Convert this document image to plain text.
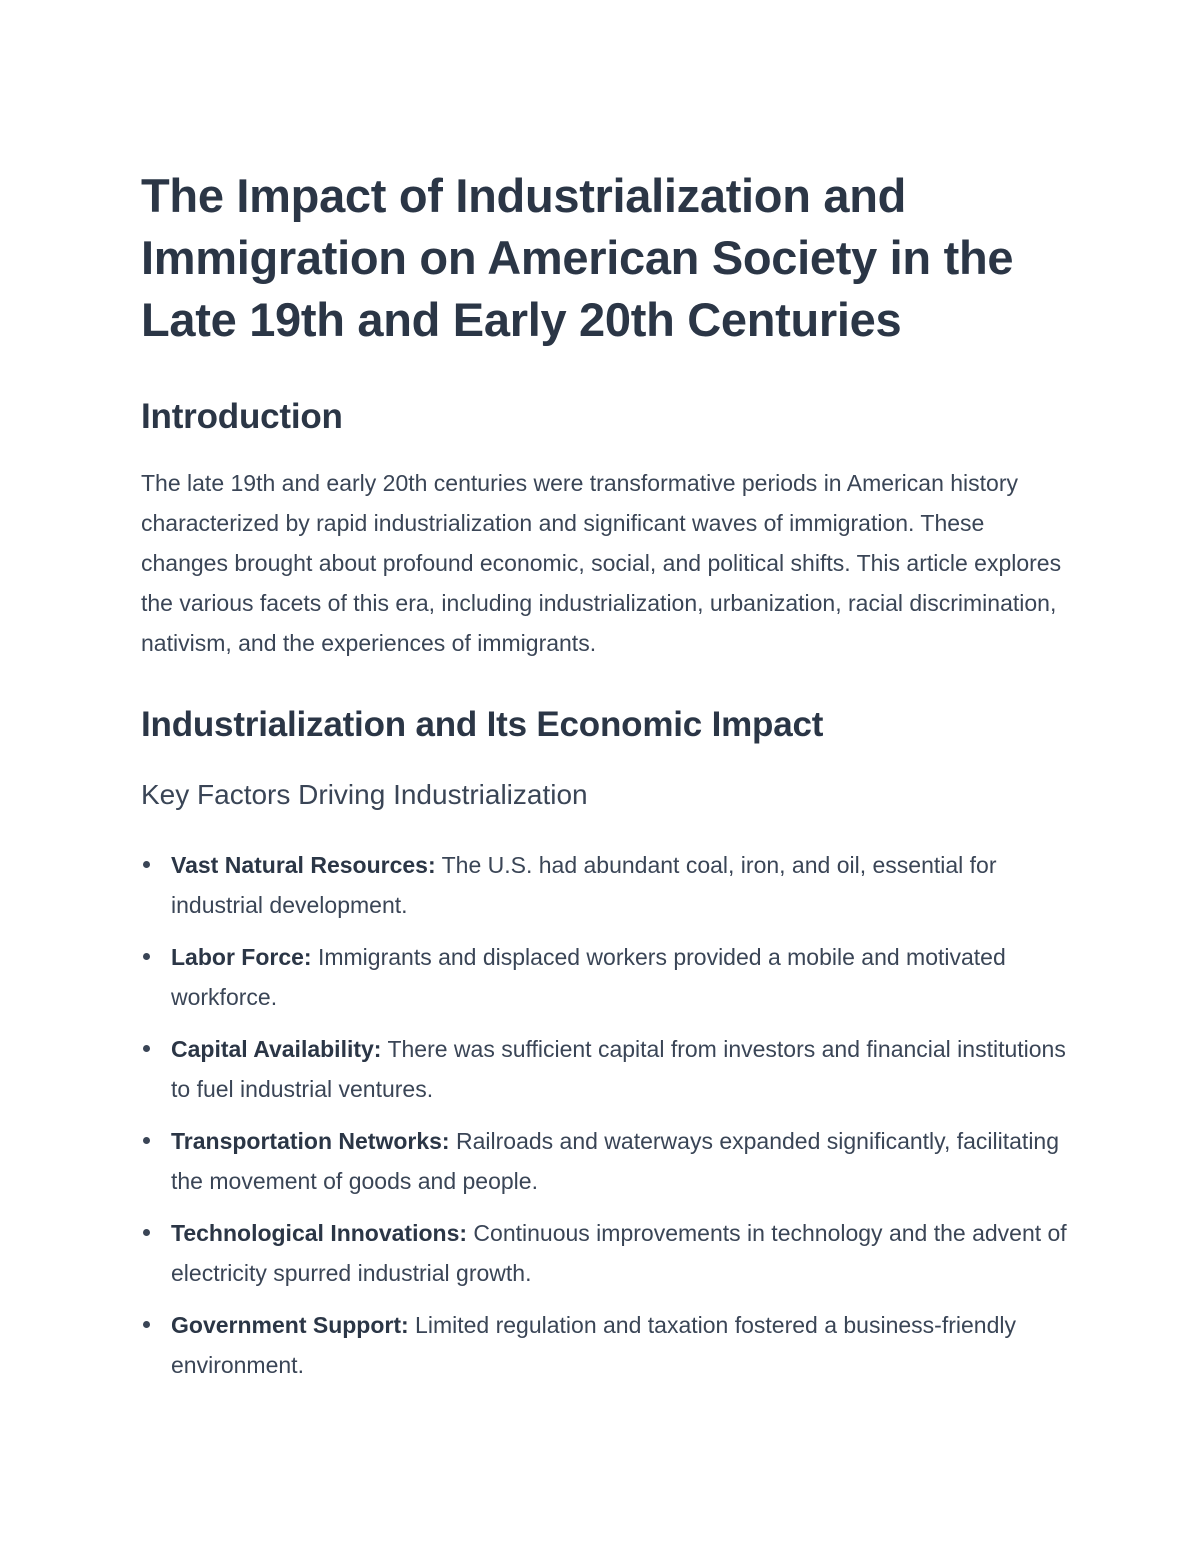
The Impact of Industrialization and Immigration on American Society in the Late 19th and Early 20th Centuries
Introduction

The late 19th and early 20th centuries were transformative periods in American history characterized by rapid industrialization and significant waves of immigration. These changes brought about profound economic, social, and political shifts. This article explores the various facets of this era, including industrialization, urbanization, racial discrimination, nativism, and the experiences of immigrants.

Industrialization and Its Economic Impact
Key Factors Driving Industrialization
Vast Natural Resources: The U.S. had abundant coal, iron, and oil, essential for industrial development.
Labor Force: Immigrants and displaced workers provided a mobile and motivated workforce.
Capital Availability: There was sufficient capital from investors and financial institutions to fuel industrial ventures.
Transportation Networks: Railroads and waterways expanded significantly, facilitating the movement of goods and people.
Technological Innovations: Continuous improvements in technology and the advent of electricity spurred industrial growth.
Government Support: Limited regulation and taxation fostered a business-friendly environment.
